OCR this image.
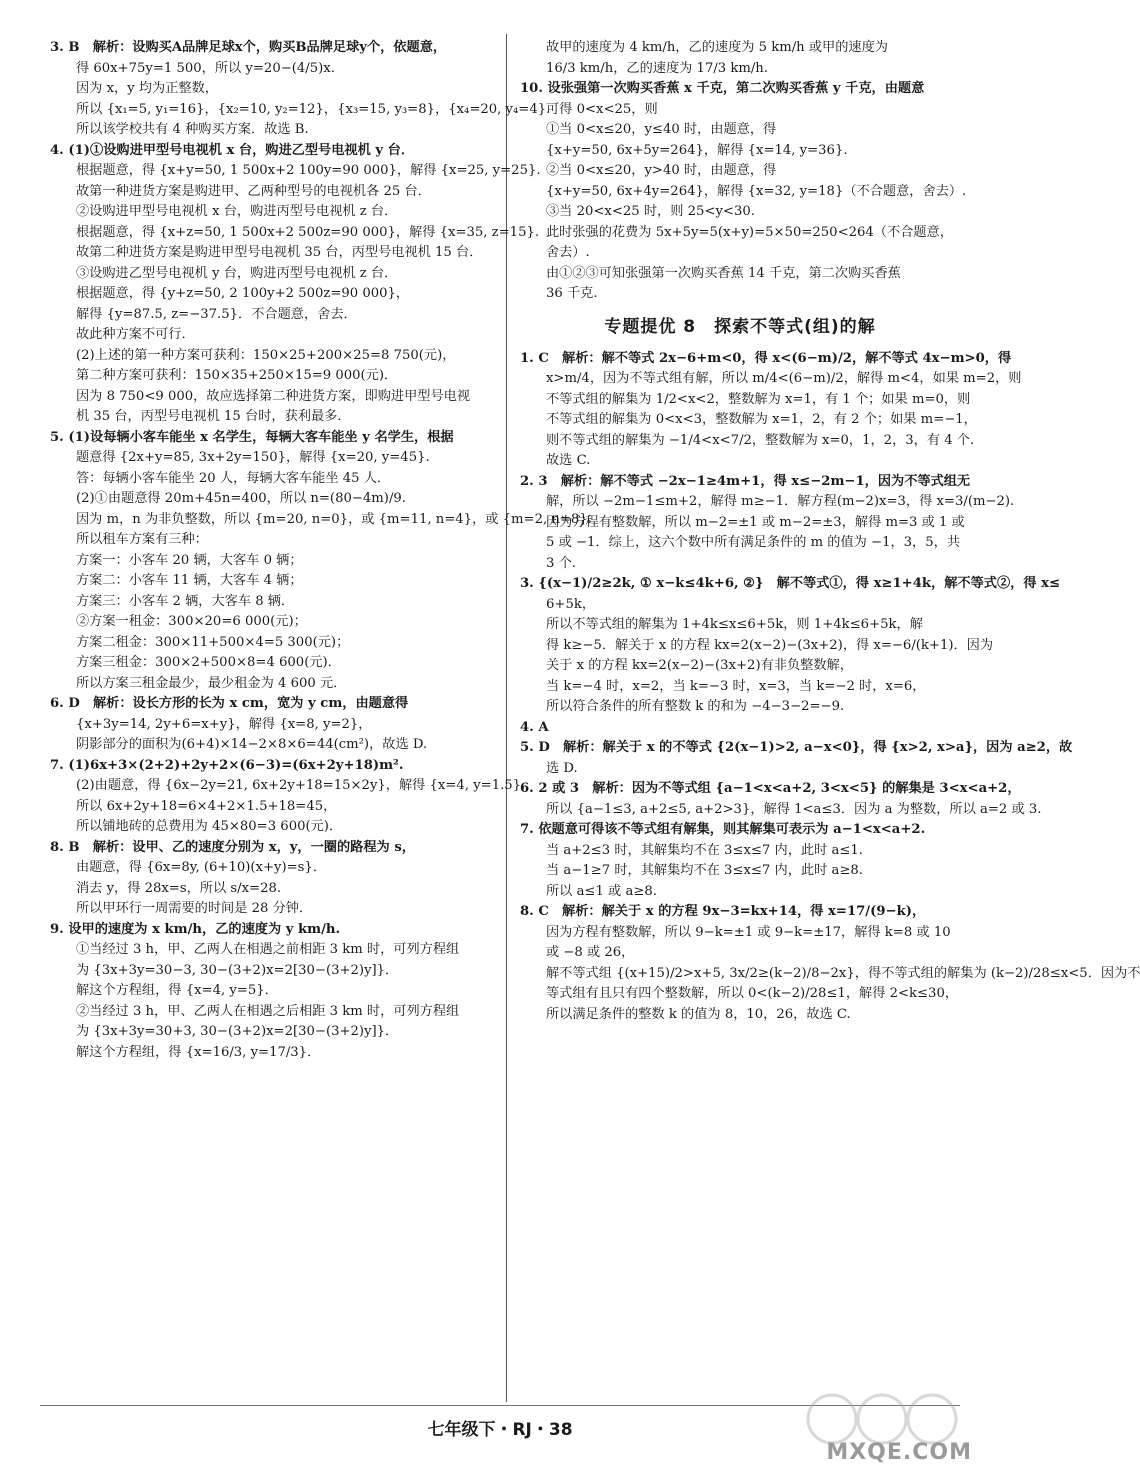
3. B　解析：设购买A品牌足球x个，购买B品牌足球y个，依题意，
得 60x+75y=1 500，所以 y=20−(4/5)x.
因为 x，y 均为正整数，
所以 {x₁=5, y₁=16}，{x₂=10, y₂=12}，{x₃=15, y₃=8}，{x₄=20, y₄=4}.
所以该学校共有 4 种购买方案．故选 B.
4. (1)①设购进甲型号电视机 x 台，购进乙型号电视机 y 台．
根据题意，得 {x+y=50, 1 500x+2 100y=90 000}，解得 {x=25, y=25}.
故第一种进货方案是购进甲、乙两种型号的电视机各 25 台．
②设购进甲型号电视机 x 台，购进丙型号电视机 z 台．
根据题意，得 {x+z=50, 1 500x+2 500z=90 000}，解得 {x=35, z=15}.
故第二种进货方案是购进甲型号电视机 35 台，丙型号电视机 15 台．
③设购进乙型号电视机 y 台，购进丙型号电视机 z 台．
根据题意，得 {y+z=50, 2 100y+2 500z=90 000}，
解得 {y=87.5, z=−37.5}．不合题意，舍去．
故此种方案不可行．
(2)上述的第一种方案可获利：150×25+200×25=8 750(元)，
第二种方案可获利：150×35+250×15=9 000(元)．
因为 8 750<9 000，故应选择第二种进货方案，即购进甲型号电视
机 35 台，丙型号电视机 15 台时，获利最多．
5. (1)设每辆小客车能坐 x 名学生，每辆大客车能坐 y 名学生，根据
题意得 {2x+y=85, 3x+2y=150}，解得 {x=20, y=45}.
答：每辆小客车能坐 20 人，每辆大客车能坐 45 人．
(2)①由题意得 20m+45n=400，所以 n=(80−4m)/9.
因为 m，n 为非负整数，所以 {m=20, n=0}，或 {m=11, n=4}，或 {m=2, n=8}.
所以租车方案有三种：
方案一：小客车 20 辆，大客车 0 辆；
方案二：小客车 11 辆，大客车 4 辆；
方案三：小客车 2 辆，大客车 8 辆．
②方案一租金：300×20=6 000(元)；
方案二租金：300×11+500×4=5 300(元)；
方案三租金：300×2+500×8=4 600(元)．
所以方案三租金最少，最少租金为 4 600 元．
6. D　解析：设长方形的长为 x cm，宽为 y cm，由题意得
{x+3y=14, 2y+6=x+y}，解得 {x=8, y=2}，
阴影部分的面积为(6+4)×14−2×8×6=44(cm²)，故选 D.
7. (1)6x+3×(2+2)+2y+2×(6−3)=(6x+2y+18)m².
(2)由题意，得 {6x−2y=21, 6x+2y+18=15×2y}，解得 {x=4, y=1.5}.
所以 6x+2y+18=6×4+2×1.5+18=45，
所以铺地砖的总费用为 45×80=3 600(元)．
8. B　解析：设甲、乙的速度分别为 x，y，一圈的路程为 s，
由题意，得 {6x=8y, (6+10)(x+y)=s}．
消去 y，得 28x=s，所以 s/x=28.
所以甲环行一周需要的时间是 28 分钟．
9. 设甲的速度为 x km/h，乙的速度为 y km/h.
①当经过 3 h，甲、乙两人在相遇之前相距 3 km 时，可列方程组
为 {3x+3y=30−3, 30−(3+2)x=2[30−(3+2)y]}．
解这个方程组，得 {x=4, y=5}．
②当经过 3 h，甲、乙两人在相遇之后相距 3 km 时，可列方程组
为 {3x+3y=30+3, 30−(3+2)x=2[30−(3+2)y]}．
解这个方程组，得 {x=16/3, y=17/3}．
故甲的速度为 4 km/h，乙的速度为 5 km/h 或甲的速度为
16/3 km/h，乙的速度为 17/3 km/h.
10. 设张强第一次购买香蕉 x 千克，第二次购买香蕉 y 千克，由题意
可得 0<x<25，则
①当 0<x≤20，y≤40 时，由题意，得
{x+y=50, 6x+5y=264}，解得 {x=14, y=36}.
②当 0<x≤20，y>40 时，由题意，得
{x+y=50, 6x+4y=264}，解得 {x=32, y=18}（不合题意，舍去）.
③当 20<x<25 时，则 25<y<30.
此时张强的花费为 5x+5y=5(x+y)=5×50=250<264（不合题意，
舍去）.
由①②③可知张强第一次购买香蕉 14 千克，第二次购买香蕉
36 千克.
专题提优 8　探索不等式(组)的解
1. C　解析：解不等式 2x−6+m<0，得 x<(6−m)/2，解不等式 4x−m>0，得
x>m/4，因为不等式组有解，所以 m/4<(6−m)/2，解得 m<4，如果 m=2，则
不等式组的解集为 1/2<x<2，整数解为 x=1，有 1 个；如果 m=0，则
不等式组的解集为 0<x<3，整数解为 x=1，2，有 2 个；如果 m=−1，
则不等式组的解集为 −1/4<x<7/2，整数解为 x=0，1，2，3，有 4 个.
故选 C.
2. 3　解析：解不等式 −2x−1≥4m+1，得 x≤−2m−1，因为不等式组无
解，所以 −2m−1≤m+2，解得 m≥−1．解方程(m−2)x=3，得 x=3/(m−2).
因为方程有整数解，所以 m−2=±1 或 m−2=±3，解得 m=3 或 1 或
5 或 −1．综上，这六个数中所有满足条件的 m 的值为 −1，3，5，共
3 个.
3. {(x−1)/2≥2k, ① x−k≤4k+6, ②}　解不等式①，得 x≥1+4k，解不等式②，得 x≤
6+5k，
所以不等式组的解集为 1+4k≤x≤6+5k，则 1+4k≤6+5k，解
得 k≥−5．解关于 x 的方程 kx=2(x−2)−(3x+2)，得 x=−6/(k+1)．因为
关于 x 的方程 kx=2(x−2)−(3x+2)有非负整数解，
当 k=−4 时，x=2，当 k=−3 时，x=3，当 k=−2 时，x=6，
所以符合条件的所有整数 k 的和为 −4−3−2=−9.
4. A
5. D　解析：解关于 x 的不等式 {2(x−1)>2, a−x<0}，得 {x>2, x>a}，因为 a≥2，故
选 D.
6. 2 或 3　解析：因为不等式组 {a−1<x<a+2, 3<x<5} 的解集是 3<x<a+2，
所以 {a−1≤3, a+2≤5, a+2>3}，解得 1<a≤3．因为 a 为整数，所以 a=2 或 3.
7. 依题意可得该不等式组有解集，则其解集可表示为 a−1<x<a+2.
当 a+2≤3 时，其解集均不在 3≤x≤7 内，此时 a≤1.
当 a−1≥7 时，其解集均不在 3≤x≤7 内，此时 a≥8.
所以 a≤1 或 a≥8.
8. C　解析：解关于 x 的方程 9x−3=kx+14，得 x=17/(9−k)，
因为方程有整数解，所以 9−k=±1 或 9−k=±17，解得 k=8 或 10
或 −8 或 26，
解不等式组 {(x+15)/2>x+5, 3x/2≥(k−2)/8−2x}，得不等式组的解集为 (k−2)/28≤x<5．因为不
等式组有且只有四个整数解，所以 0<(k−2)/28≤1，解得 2<k≤30，
所以满足条件的整数 k 的值为 8，10，26，故选 C.
七年级下・RJ・38
MXQE.COM
